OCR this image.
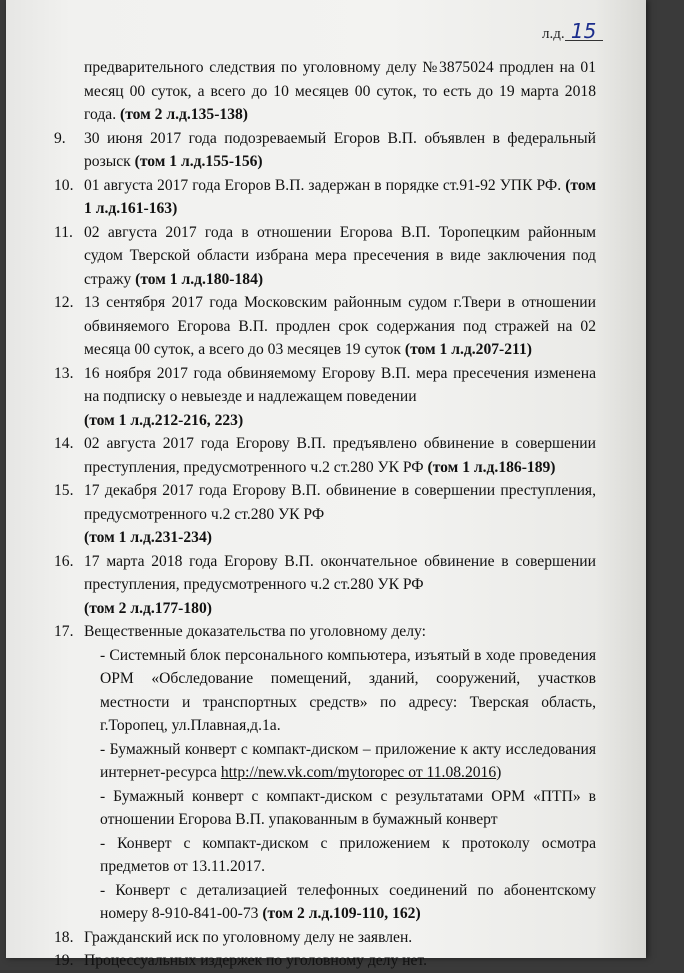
л.д. 15
предварительного следствия по уголовному делу №3875024 продлен на 01 месяц 00 суток, а всего до 10 месяцев 00 суток, то есть до 19 марта 2018 года. (том 2 л.д.135-138)
9. 30 июня 2017 года подозреваемый Егоров В.П. объявлен в федеральный розыск (том 1 л.д.155-156)
10. 01 августа 2017 года Егоров В.П. задержан в порядке ст.91-92 УПК РФ. (том 1 л.д.161-163)
11. 02 августа 2017 года в отношении Егорова В.П. Торопецким районным судом Тверской области избрана мера пресечения в виде заключения под стражу (том 1 л.д.180-184)
12. 13 сентября 2017 года Московским районным судом г.Твери в отношении обвиняемого Егорова В.П. продлен срок содержания под стражей на 02 месяца 00 суток, а всего до 03 месяцев 19 суток (том 1 л.д.207-211)
13. 16 ноября 2017 года обвиняемому Егорову В.П. мера пресечения изменена на подписку о невыезде и надлежащем поведении
(том 1 л.д.212-216, 223)
14. 02 августа 2017 года Егорову В.П. предъявлено обвинение в совершении преступления, предусмотренного ч.2 ст.280 УК РФ (том 1 л.д.186-189)
15. 17 декабря 2017 года Егорову В.П. обвинение в совершении преступления, предусмотренного ч.2 ст.280 УК РФ
(том 1 л.д.231-234)
16. 17 марта 2018 года Егорову В.П. окончательное обвинение в совершении преступления, предусмотренного ч.2 ст.280 УК РФ
(том 2 л.д.177-180)
17. Вещественные доказательства по уголовному делу:
- Системный блок персонального компьютера, изъятый в ходе проведения ОРМ «Обследование помещений, зданий, сооружений, участков местности и транспортных средств» по адресу: Тверская область, г.Торопец, ул.Плавная,д.1а.
- Бумажный конверт с компакт-диском – приложение к акту исследования интернет-ресурса http://new.vk.com/mytoropec от 11.08.2016)
- Бумажный конверт с компакт-диском с результатами ОРМ «ПТП» в отношении Егорова В.П. упакованным в бумажный конверт
- Конверт с компакт-диском с приложением к протоколу осмотра предметов от 13.11.2017.
- Конверт с детализацией телефонных соединений по абонентскому номеру 8-910-841-00-73 (том 2 л.д.109-110, 162)
18. Гражданский иск по уголовному делу не заявлен.
19. Процессуальных издержек по уголовному делу нет.
